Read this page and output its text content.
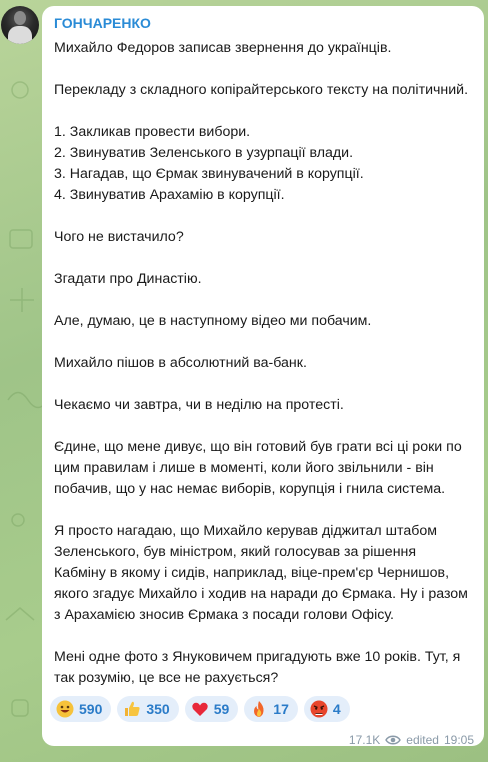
ГОНЧАРЕНКО

Михайло Федоров записав звернення до українців.

Перекладу з складного копірайтерського тексту на політичний.

1. Закликав провести вибори.
2. Звинуватив Зеленського в узурпації влади.
3. Нагадав, що Єрмак звинувачений в корупції.
4. Звинуватив Арахамію в корупції.

Чого не вистачило?

Згадати про Династію.

Але, думаю, це в наступному відео ми побачим.

Михайло пішов в абсолютний ва-банк.

Чекаємо чи завтра, чи в неділю на протесті.

Єдине, що мене дивує, що він готовий був грати всі ці роки по
цим правилам і лише в моменті, коли його звільнили - він
побачив, що у нас немає виборів, корупція і гнила система.

Я просто нагадаю, що Михайло керував діджитал штабом
Зеленського, був міністром, який голосував за рішення
Кабміну в якому і сидів, наприклад, віце-прем'єр Чернишов,
якого згадує Михайло і ходив на наради до Єрмака. Ну і разом
з Арахамією зносив Єрмака з посади голови Офісу.

Мені одне фото з Януковичем пригадують вже 10 років. Тут, я
так розумію, це все не рахується?

590	350	59	17	4
17.1K edited 19:05
